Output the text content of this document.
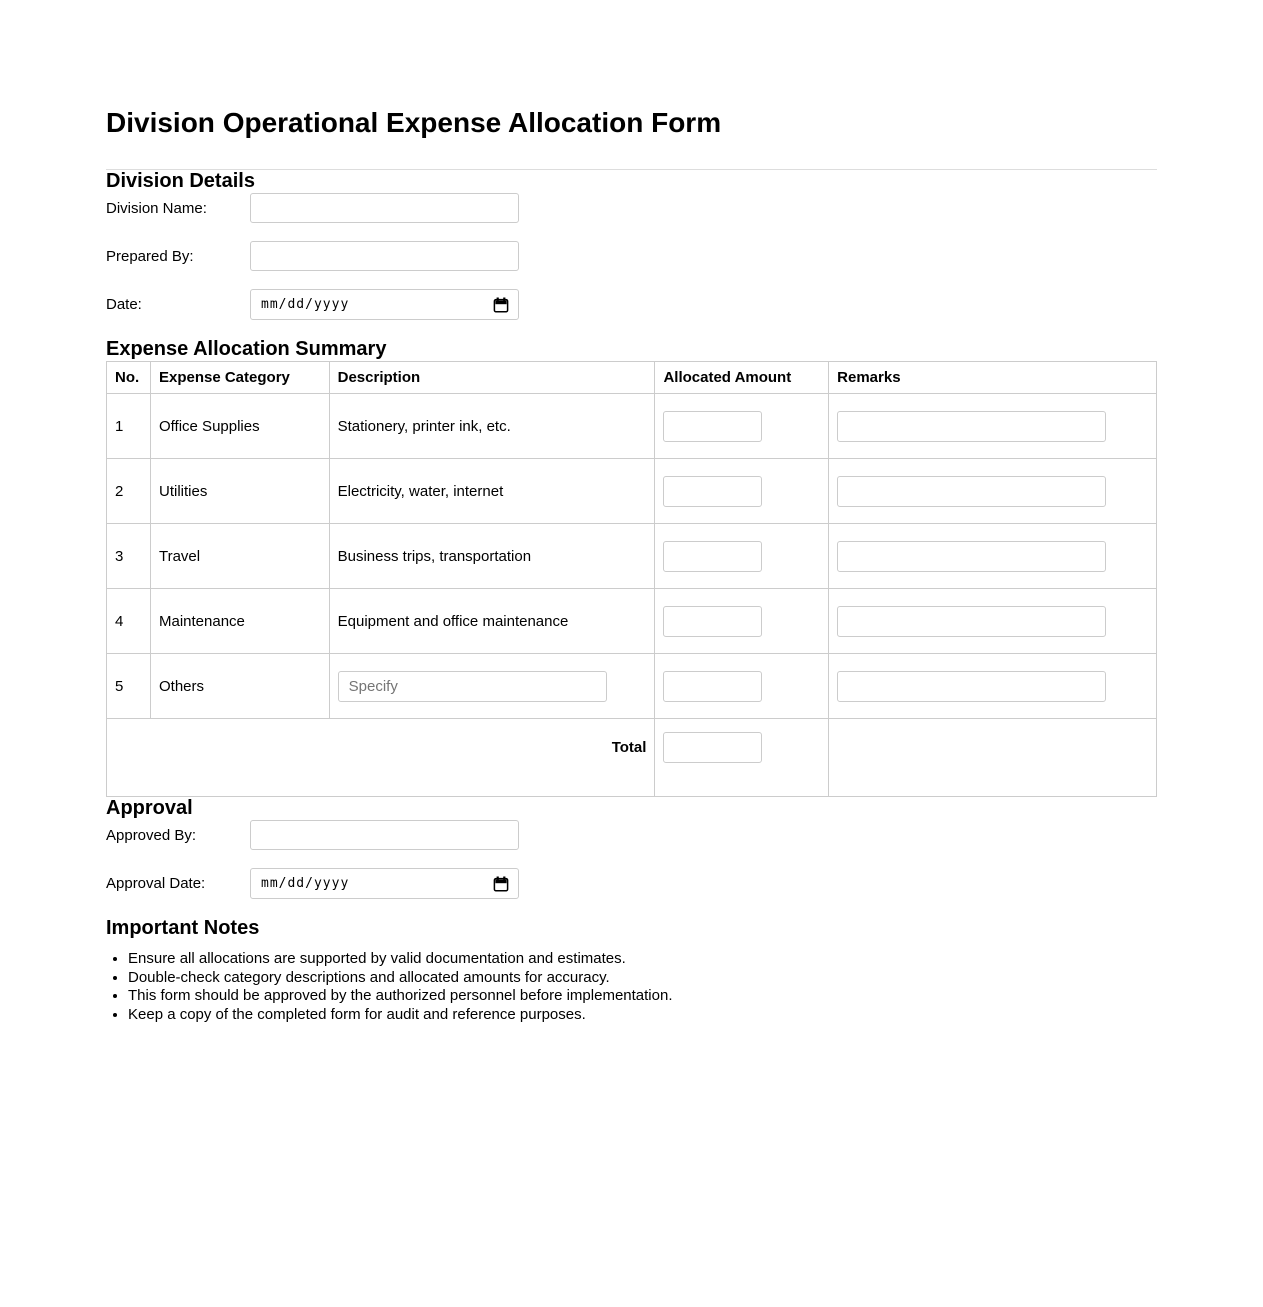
Division Operational Expense Allocation Form
Division Details
Division Name:
Prepared By:
Date:	mm/dd/yyyy
Expense Allocation Summary
No.	Expense Category	Description	Allocated Amount	Remarks
1	Office Supplies	Stationery, printer ink, etc.		
2	Utilities	Electricity, water, internet		
3	Travel	Business trips, transportation		
4	Maintenance	Equipment and office maintenance		
5	Others	Specify		
Total		
Approval
Approved By:
Approval Date:	mm/dd/yyyy
Important Notes
• Ensure all allocations are supported by valid documentation and estimates.
• Double-check category descriptions and allocated amounts for accuracy.
• This form should be approved by the authorized personnel before implementation.
• Keep a copy of the completed form for audit and reference purposes.
